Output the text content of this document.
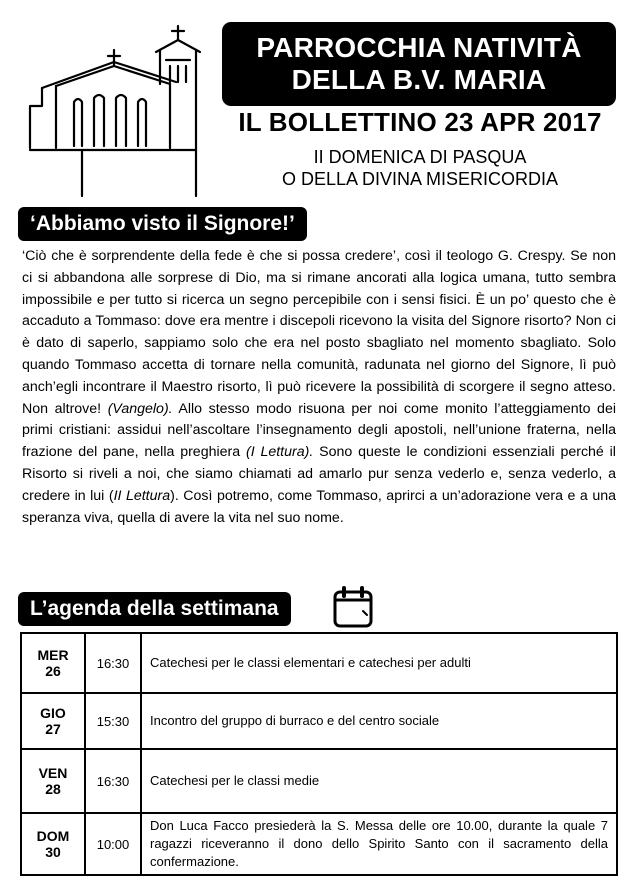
PARROCCHIA NATIVITÀ
DELLA B.V. MARIA
IL BOLLETTINO 23 APR 2017
II DOMENICA DI PASQUA
O DELLA DIVINA MISERICORDIA
‘Abbiamo visto il Signore!’
‘Ciò che è sorprendente della fede è che si possa credere’, così il teologo G. Crespy. Se non ci si abbandona alle sorprese di Dio, ma si rimane ancorati alla logica umana, tutto sembra impossibile e per tutto si ricerca un segno percepibile con i sensi fisici. È un po’ questo che è accaduto a Tommaso: dove era mentre i discepoli ricevono la visita del Signore risorto? Non ci è dato di saperlo, sappiamo solo che era nel posto sbagliato nel momento sbagliato. Solo quando Tommaso accetta di tornare nella comunità, radunata nel giorno del Signore, lì può anch’egli incontrare il Maestro risorto, lì può ricevere la possibilità di scorgere il segno atteso. Non altrove! (Vangelo). Allo stesso modo risuona per noi come monito l’atteggiamento dei primi cristiani: assidui nell’ascoltare l’insegnamento degli apostoli, nell’unione fraterna, nella frazione del pane, nella preghiera (I Lettura). Sono queste le condizioni essenziali perché il Risorto si riveli a noi, che siamo chiamati ad amarlo pur senza vederlo e, senza vederlo, a credere in lui (II Lettura). Così potremo, come Tommaso, aprirci a un’adorazione vera e a una speranza viva, quella di avere la vita nel suo nome.
L’agenda della settimana
MER
26	16:30	Catechesi per le classi elementari e catechesi per adulti

GIO
27	15:30	Incontro del gruppo di burraco e del centro sociale

VEN
28	16:30	Catechesi per le classi medie

DOM
30	10:00	Don Luca Facco presiederà la S. Messa delle ore 10.00, durante la quale 7 ragazzi riceveranno il dono dello Spirito Santo con il sacramento della confermazione.
